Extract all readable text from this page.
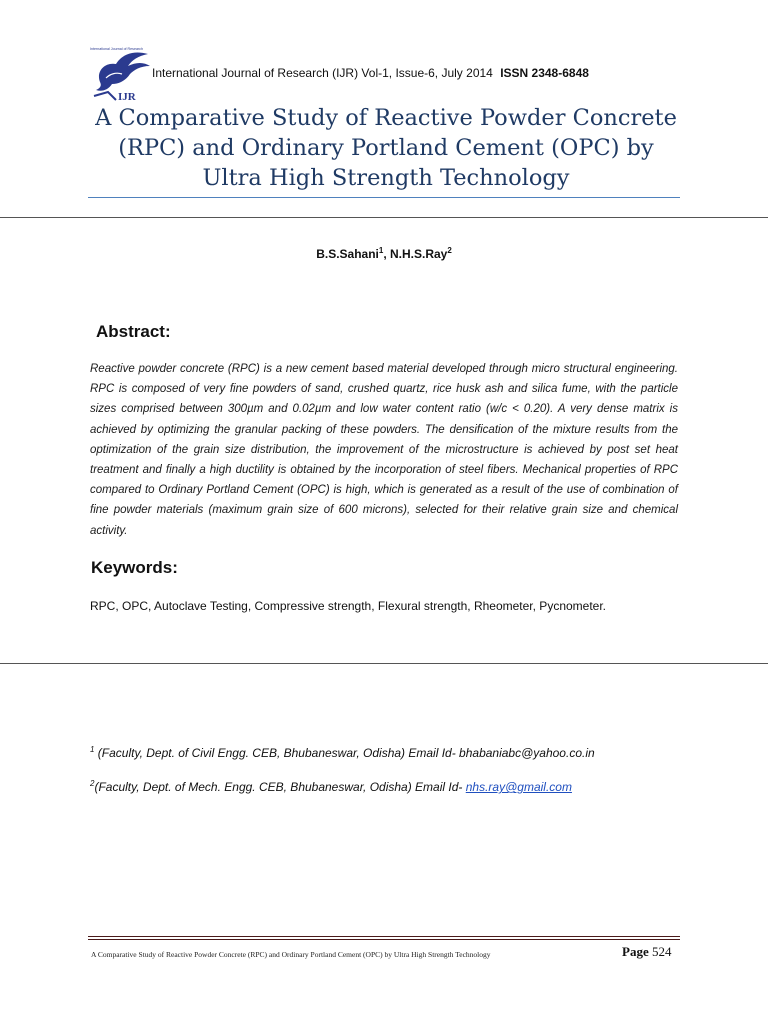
International Journal of Research
IJR
International Journal of Research (IJR) Vol-1, Issue-6, July 2014 ISSN 2348-6848
A Comparative Study of Reactive Powder Concrete
(RPC) and Ordinary Portland Cement (OPC) by
Ultra High Strength Technology
B.S.Sahani$^1$, N.H.S.Ray$^2$
Abstract:
Reactive powder concrete (RPC) is a new cement based material developed through micro structural engineering. RPC is composed of very fine powders of sand, crushed quartz, rice husk ash and silica fume, with the particle sizes comprised between 300µm and 0.02µm and low water content ratio (w/c < 0.20). A very dense matrix is achieved by optimizing the granular packing of these powders. The densification of the mixture results from the optimization of the grain size distribution, the improvement of the microstructure is achieved by post set heat treatment and finally a high ductility is obtained by the incorporation of steel fibers. Mechanical properties of RPC compared to Ordinary Portland Cement (OPC) is high, which is generated as a result of the use of combination of fine powder materials (maximum grain size of 600 microns), selected for their relative grain size and chemical activity.
Keywords:
RPC, OPC, Autoclave Testing, Compressive strength, Flexural strength, Rheometer, Pycnometer.
$^1$ (Faculty, Dept. of Civil Engg. CEB, Bhubaneswar, Odisha) Email Id- bhabaniabc@yahoo.co.in
$^2$(Faculty, Dept. of Mech. Engg. CEB, Bhubaneswar, Odisha) Email Id- nhs.ray@gmail.com
A Comparative Study of Reactive Powder Concrete (RPC) and Ordinary Portland Cement (OPC) by Ultra High Strength Technology	Page 524
